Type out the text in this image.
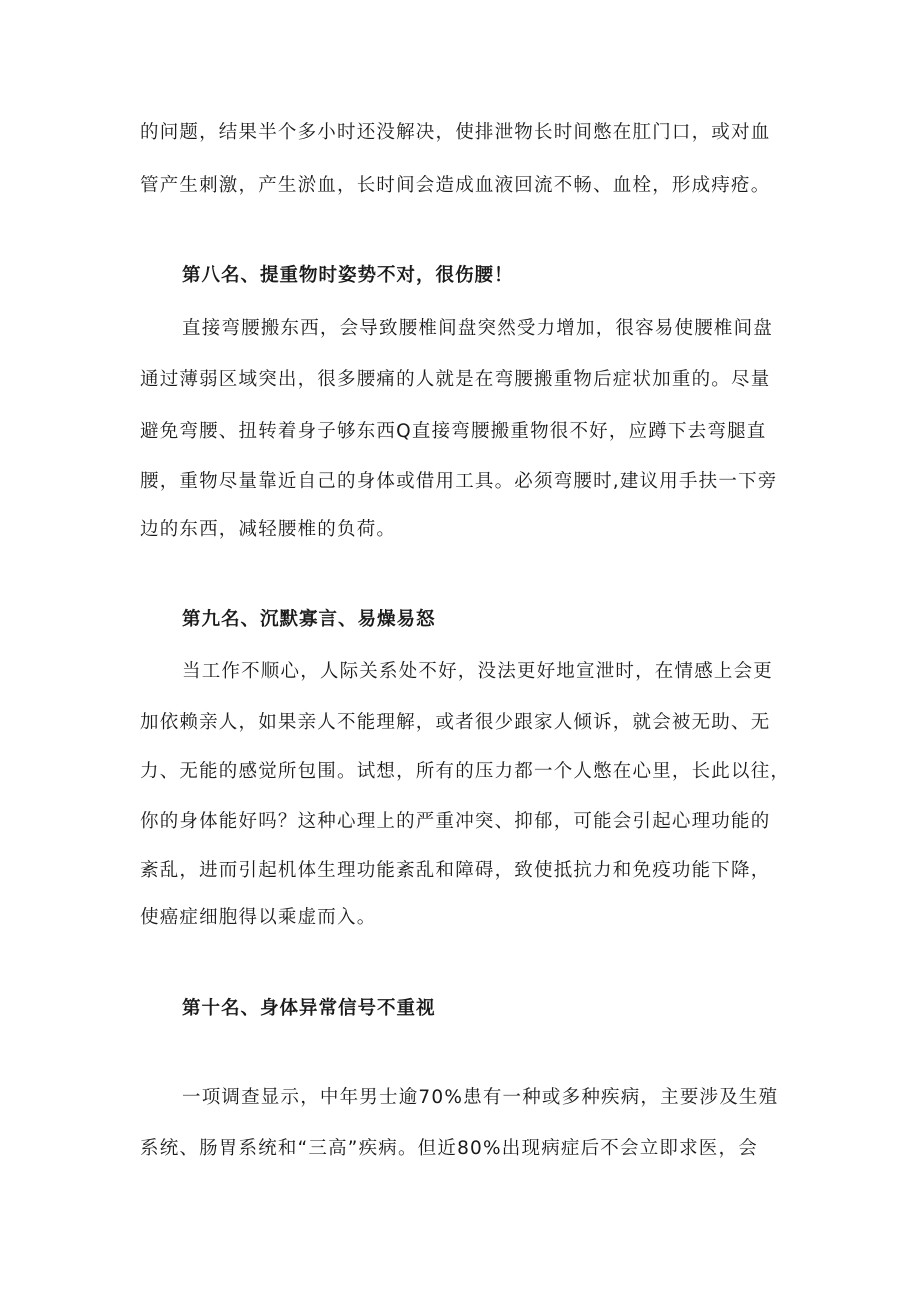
的问题，结果半个多小时还没解决，使排泄物长时间憋在肛门口，或对血
管产生刺激，产生淤血，长时间会造成血液回流不畅、血栓，形成痔疮。
第八名、提重物时姿势不对，很伤腰！
直接弯腰搬东西，会导致腰椎间盘突然受力增加，很容易使腰椎间盘
通过薄弱区域突出，很多腰痛的人就是在弯腰搬重物后症状加重的。尽量
避免弯腰、扭转着身子够东西Q直接弯腰搬重物很不好，应蹲下去弯腿直
腰，重物尽量靠近自己的身体或借用工具。必须弯腰时,建议用手扶一下旁
边的东西，减轻腰椎的负荷。
第九名、沉默寡言、易燥易怒
当工作不顺心，人际关系处不好，没法更好地宣泄时，在情感上会更
加依赖亲人，如果亲人不能理解，或者很少跟家人倾诉，就会被无助、无
力、无能的感觉所包围。试想，所有的压力都一个人憋在心里，长此以往，
你的身体能好吗？这种心理上的严重冲突、抑郁，可能会引起心理功能的
紊乱，进而引起机体生理功能紊乱和障碍，致使抵抗力和免疫功能下降，
使癌症细胞得以乘虚而入。
第十名、身体异常信号不重视
一项调查显示，中年男士逾70%患有一种或多种疾病，主要涉及生殖
系统、肠胃系统和“三高”疾病。但近80%出现病症后不会立即求医，会
